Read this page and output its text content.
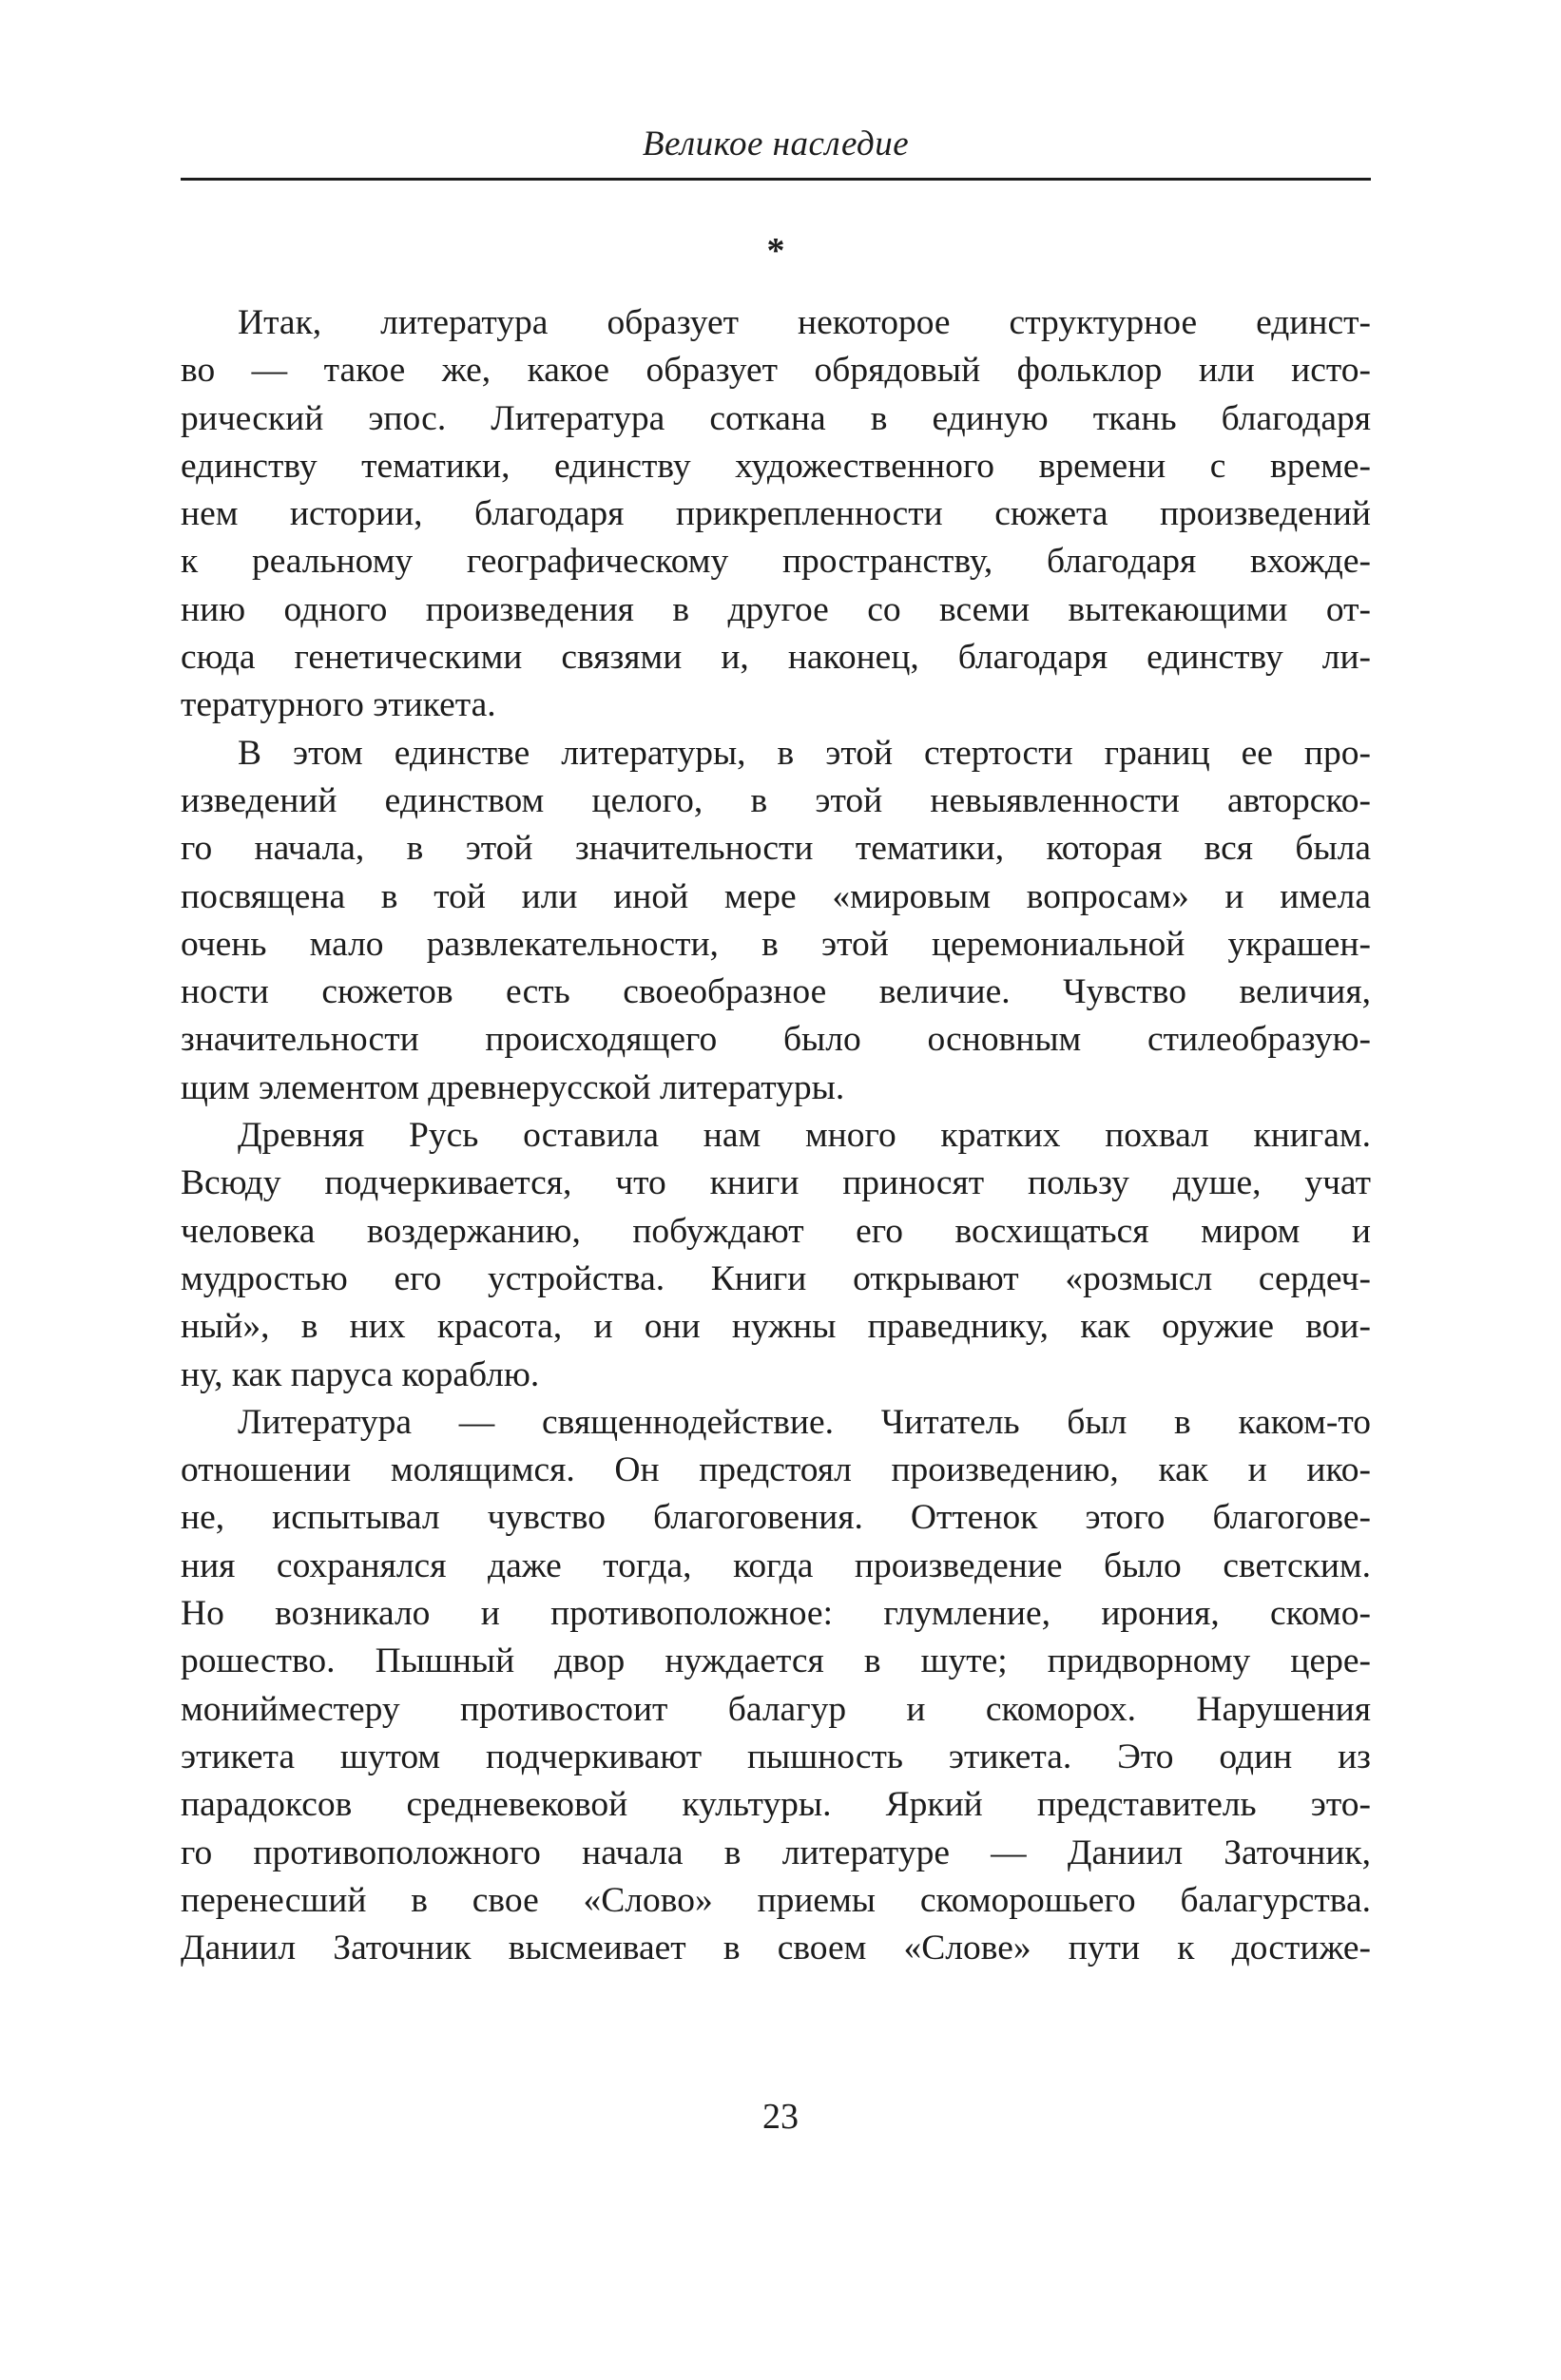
Великое наследие
*
Итак, литература образует некоторое структурное единст-
во — такое же, какое образует обрядовый фольклор или исто-
рический эпос. Литература соткана в единую ткань благодаря
единству тематики, единству художественного времени с време-
нем истории, благодаря прикрепленности сюжета произведений
к реальному географическому пространству, благодаря вхожде-
нию одного произведения в другое со всеми вытекающими от-
сюда генетическими связями и, наконец, благодаря единству ли-
тературного этикета.
В этом единстве литературы, в этой стертости границ ее про-
изведений единством целого, в этой невыявленности авторско-
го начала, в этой значительности тематики, которая вся была
посвящена в той или иной мере «мировым вопросам» и имела
очень мало развлекательности, в этой церемониальной украшен-
ности сюжетов есть своеобразное величие. Чувство величия,
значительности происходящего было основным стилеобразую-
щим элементом древнерусской литературы.
Древняя Русь оставила нам много кратких похвал книгам.
Всюду подчеркивается, что книги приносят пользу душе, учат
человека воздержанию, побуждают его восхищаться миром и
мудростью его устройства. Книги открывают «розмысл сердеч-
ный», в них красота, и они нужны праведнику, как оружие вои-
ну, как паруса кораблю.
Литература — священнодействие. Читатель был в каком-то
отношении молящимся. Он предстоял произведению, как и ико-
не, испытывал чувство благоговения. Оттенок этого благогове-
ния сохранялся даже тогда, когда произведение было светским.
Но возникало и противоположное: глумление, ирония, скомо-
рошество. Пышный двор нуждается в шуте; придворному цере-
монийместеру противостоит балагур и скоморох. Нарушения
этикета шутом подчеркивают пышность этикета. Это один из
парадоксов средневековой культуры. Яркий представитель это-
го противоположного начала в литературе — Даниил Заточник,
перенесший в свое «Слово» приемы скоморошьего балагурства.
Даниил Заточник высмеивает в своем «Слове» пути к достиже-
23
